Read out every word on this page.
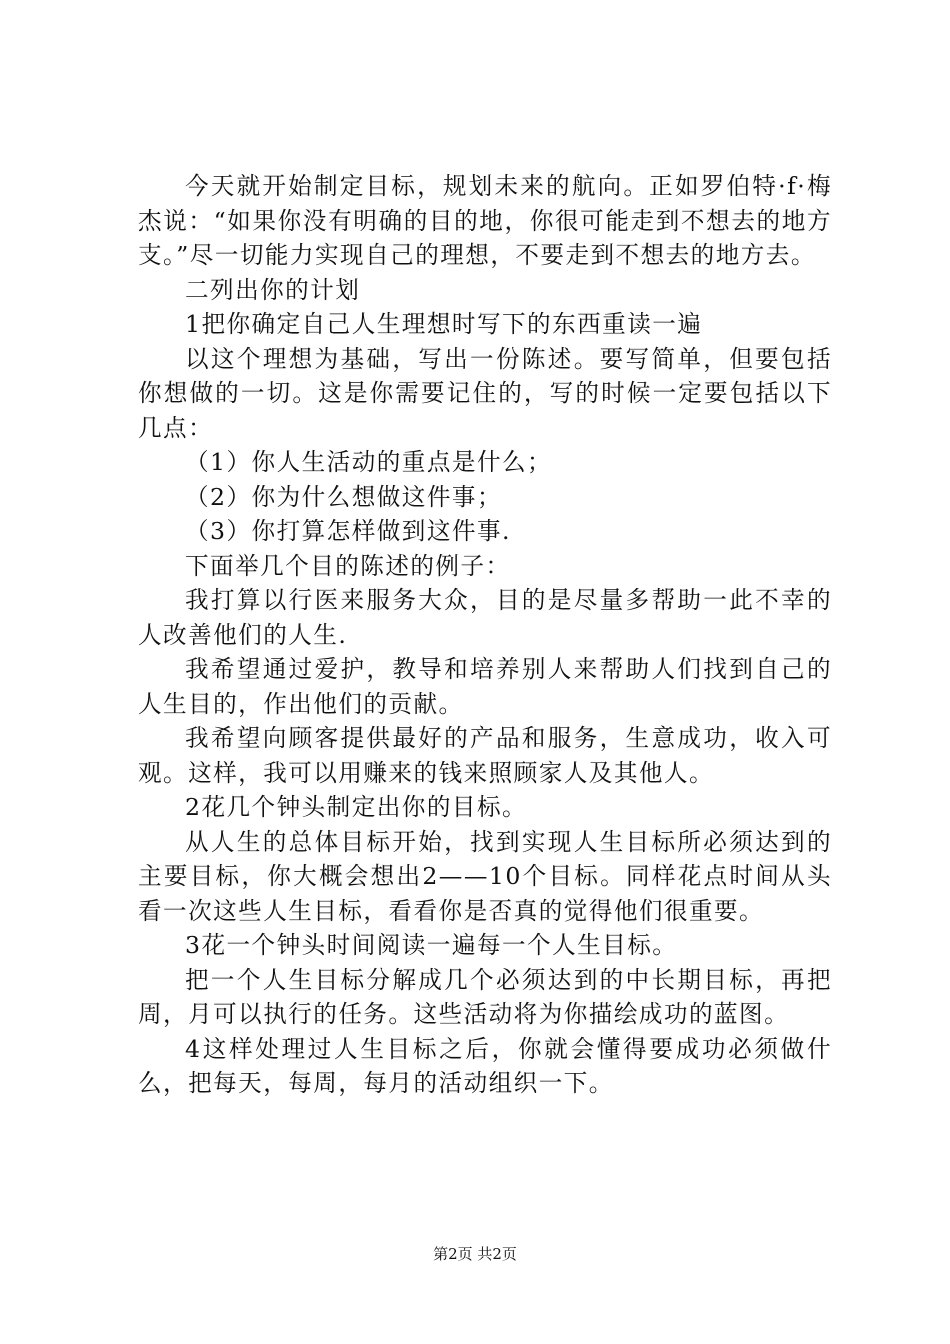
今天就开始制定目标，规划未来的航向。正如罗伯特·f·梅杰说：“如果你没有明确的目的地，你很可能走到不想去的地方支。”尽一切能力实现自己的理想，不要走到不想去的地方去。

二列出你的计划

1把你确定自己人生理想时写下的东西重读一遍

以这个理想为基础，写出一份陈述。要写简单，但要包括你想做的一切。这是你需要记住的，写的时候一定要包括以下几点：

（1）你人生活动的重点是什么；

（2）你为什么想做这件事；

（3）你打算怎样做到这件事.

下面举几个目的陈述的例子：

我打算以行医来服务大众，目的是尽量多帮助一此不幸的人改善他们的人生.

我希望通过爱护，教导和培养别人来帮助人们找到自己的人生目的，作出他们的贡献。

我希望向顾客提供最好的产品和服务，生意成功，收入可观。这样，我可以用赚来的钱来照顾家人及其他人。

2花几个钟头制定出你的目标。

从人生的总体目标开始，找到实现人生目标所必须达到的主要目标，你大概会想出2——10个目标。同样花点时间从头看一次这些人生目标，看看你是否真的觉得他们很重要。

3花一个钟头时间阅读一遍每一个人生目标。

把一个人生目标分解成几个必须达到的中长期目标，再把周，月可以执行的任务。这些活动将为你描绘成功的蓝图。

4这样处理过人生目标之后，你就会懂得要成功必须做什么，把每天，每周，每月的活动组织一下。

第2页 共2页
